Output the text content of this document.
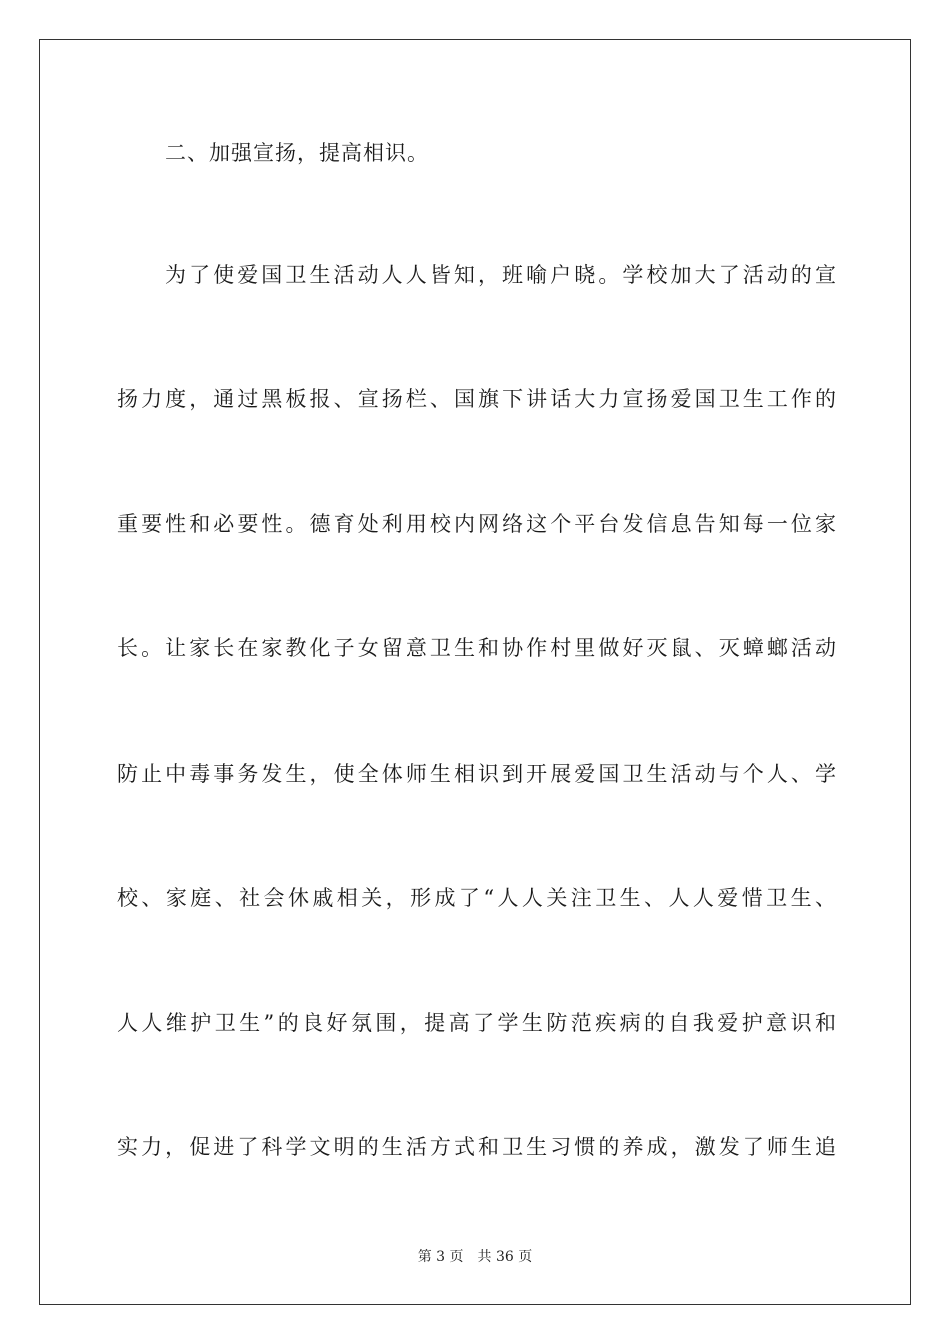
二、加强宣扬，提高相识。
为了使爱国卫生活动人人皆知，班喻户晓。学校加大了活动的宣
扬力度，通过黑板报、宣扬栏、国旗下讲话大力宣扬爱国卫生工作的
重要性和必要性。德育处利用校内网络这个平台发信息告知每一位家
长。让家长在家教化子女留意卫生和协作村里做好灭鼠、灭蟑螂活动
防止中毒事务发生，使全体师生相识到开展爱国卫生活动与个人、学
校、家庭、社会休戚相关，形成了“人人关注卫生、人人爱惜卫生、
人人维护卫生”的良好氛围，提高了学生防范疾病的自我爱护意识和
实力，促进了科学文明的生活方式和卫生习惯的养成，激发了师生追
第 3 页 共 36 页
